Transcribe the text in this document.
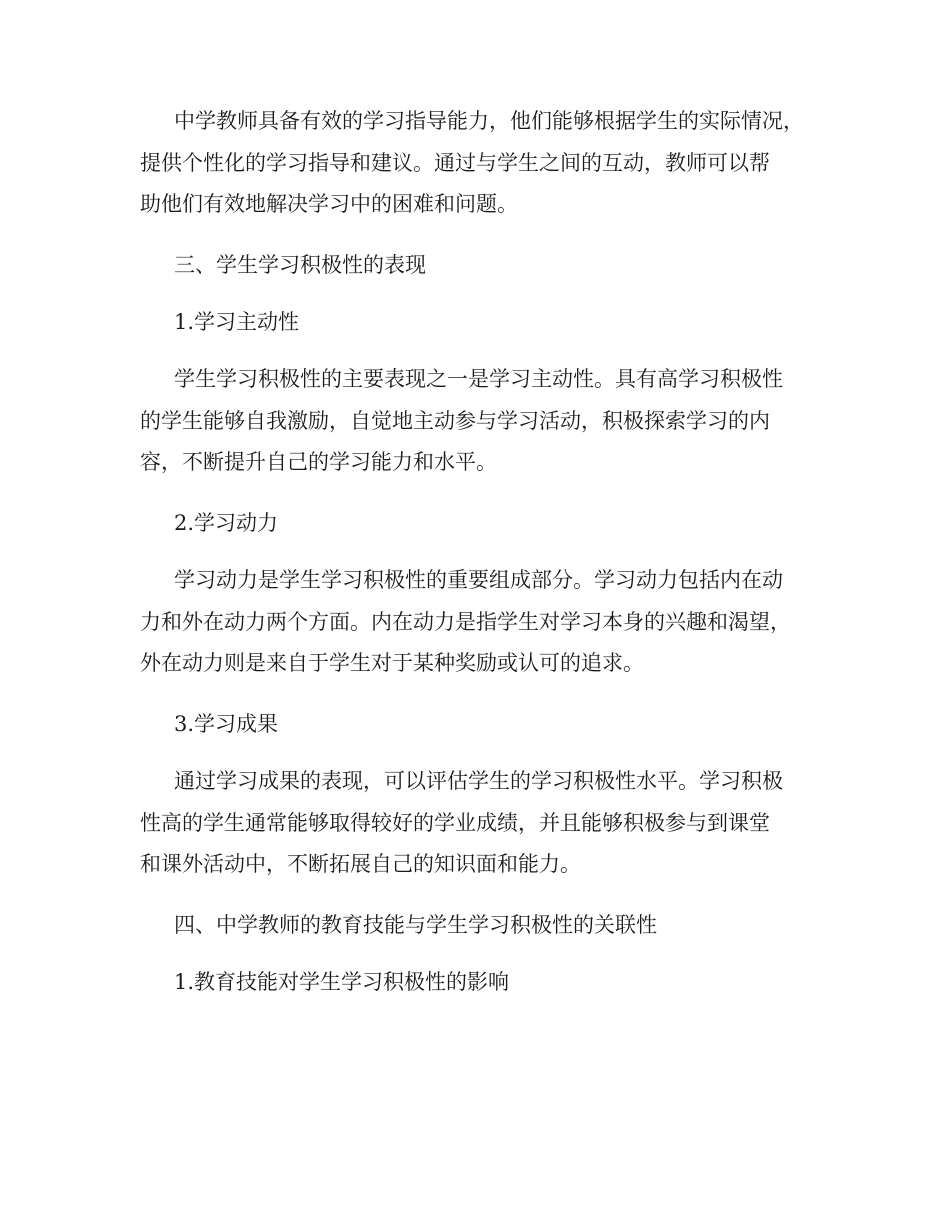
中学教师具备有效的学习指导能力，他们能够根据学生的实际情况，
提供个性化的学习指导和建议。通过与学生之间的互动，教师可以帮
助他们有效地解决学习中的困难和问题。

三、学生学习积极性的表现

1.学习主动性

学生学习积极性的主要表现之一是学习主动性。具有高学习积极性
的学生能够自我激励，自觉地主动参与学习活动，积极探索学习的内
容，不断提升自己的学习能力和水平。

2.学习动力

学习动力是学生学习积极性的重要组成部分。学习动力包括内在动
力和外在动力两个方面。内在动力是指学生对学习本身的兴趣和渴望，
外在动力则是来自于学生对于某种奖励或认可的追求。

3.学习成果

通过学习成果的表现，可以评估学生的学习积极性水平。学习积极
性高的学生通常能够取得较好的学业成绩，并且能够积极参与到课堂
和课外活动中，不断拓展自己的知识面和能力。

四、中学教师的教育技能与学生学习积极性的关联性

1.教育技能对学生学习积极性的影响
